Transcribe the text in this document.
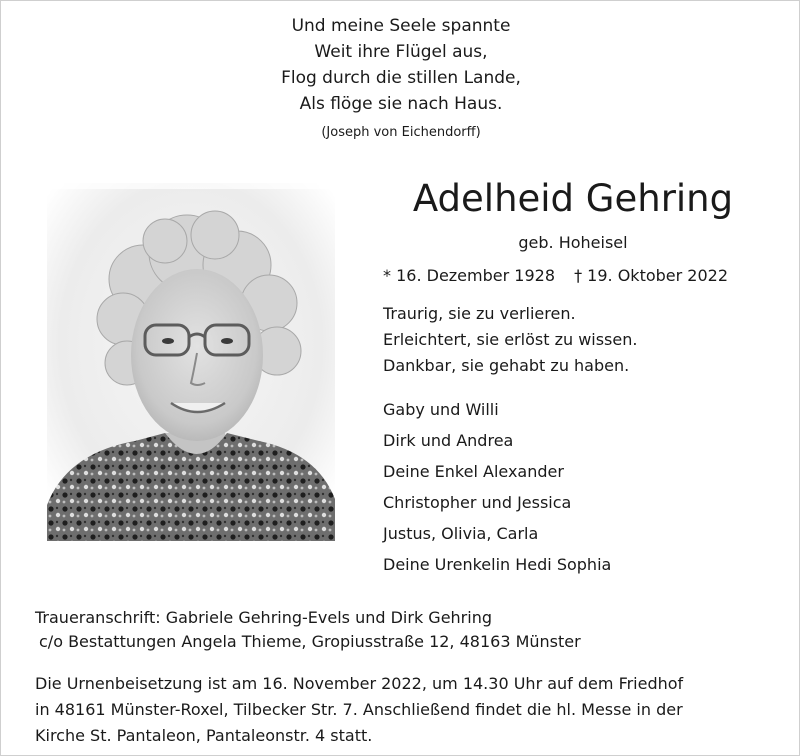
Und meine Seele spannte
Weit ihre Flügel aus,
Flog durch die stillen Lande,
Als flöge sie nach Haus.
(Joseph von Eichendorff)
Adelheid Gehring
geb. Hoheisel
* 16. Dezember 1928 † 19. Oktober 2022
Traurig, sie zu verlieren.
Erleichtert, sie erlöst zu wissen.
Dankbar, sie gehabt zu haben.
Gaby und Willi
Dirk und Andrea
Deine Enkel Alexander
Christopher und Jessica
Justus, Olivia, Carla
Deine Urenkelin Hedi Sophia
Traueranschrift: Gabriele Gehring-Evels und Dirk Gehring
c/o Bestattungen Angela Thieme, Gropiusstraße 12, 48163 Münster
Die Urnenbeisetzung ist am 16. November 2022, um 14.30 Uhr auf dem Friedhof
in 48161 Münster-Roxel, Tilbecker Str. 7. Anschließend findet die hl. Messe in der
Kirche St. Pantaleon, Pantaleonstr. 4 statt.
